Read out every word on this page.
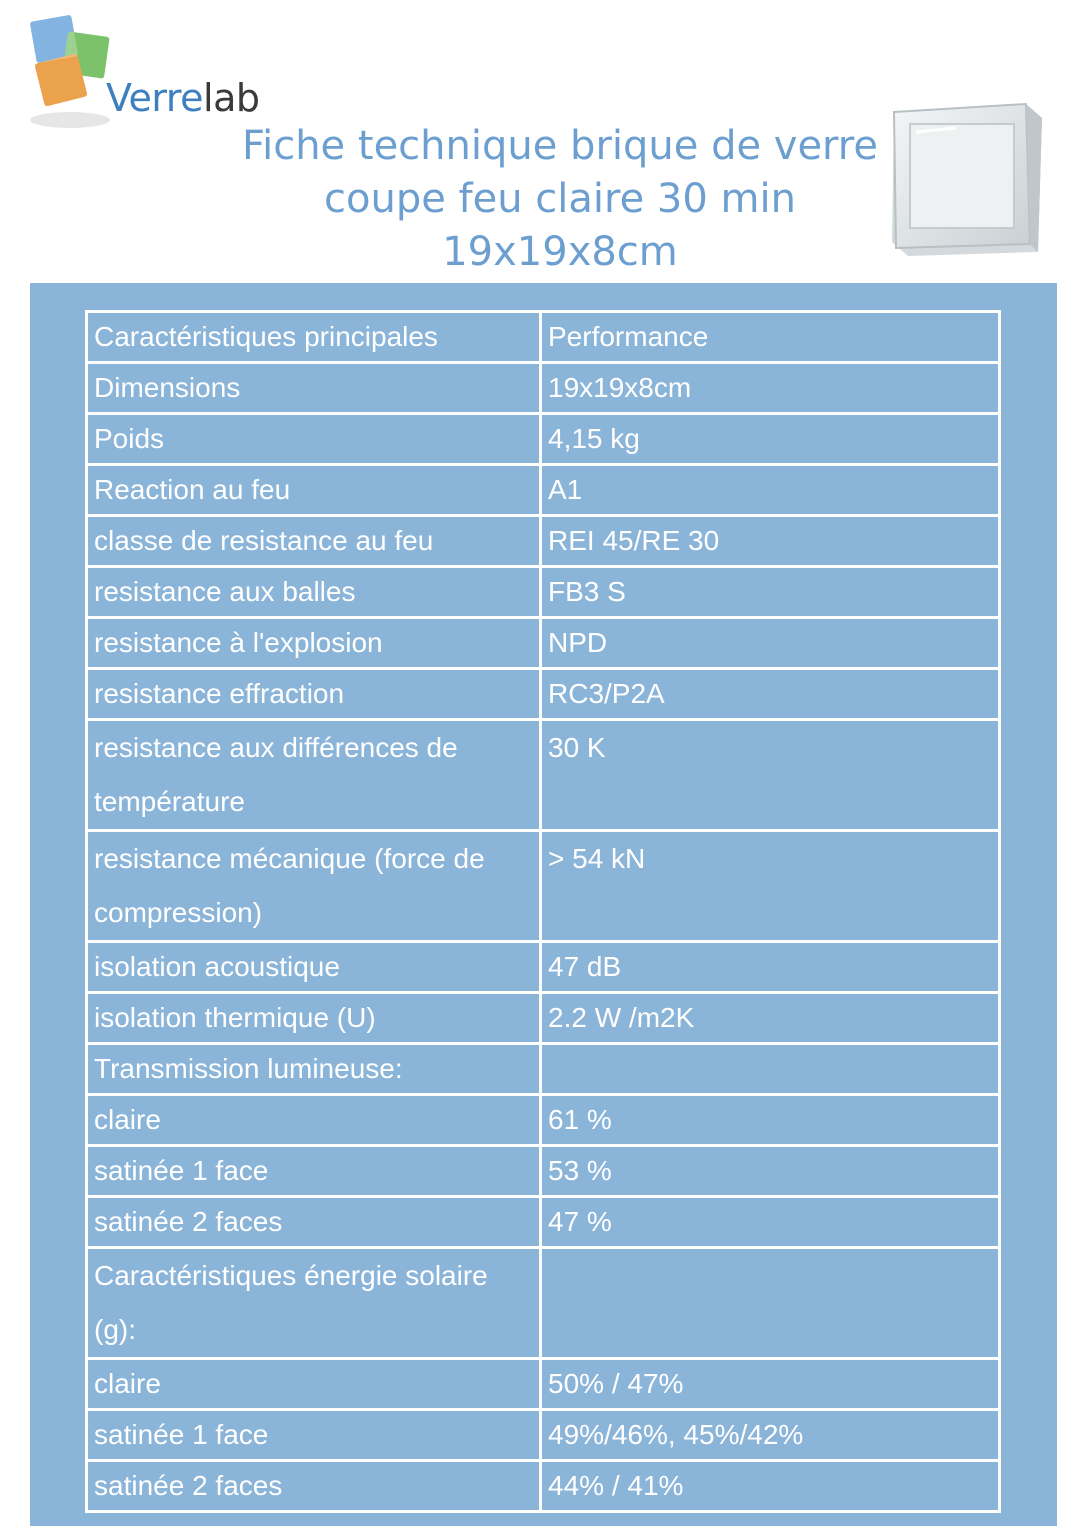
Verrelab
Fiche technique brique de verre coupe feu claire 30 min 19x19x8cm
Caractéristiques principales	Performance
Dimensions	19x19x8cm
Poids	4,15 kg
Reaction au feu	A1
classe de resistance au feu	REI 45/RE 30
resistance aux balles	FB3 S
resistance à l'explosion	NPD
resistance effraction	RC3/P2A
resistance aux différences de température	30 K
resistance mécanique (force de compression)	> 54 kN
isolation acoustique	47 dB
isolation thermique (U)	2.2 W /m2K
Transmission lumineuse:	
claire	61 %
satinée 1 face	53 %
satinée 2 faces	47 %
Caractéristiques énergie solaire (g):	
claire	50% / 47%
satinée 1 face	49%/46%, 45%/42%
satinée 2 faces	44% / 41%
